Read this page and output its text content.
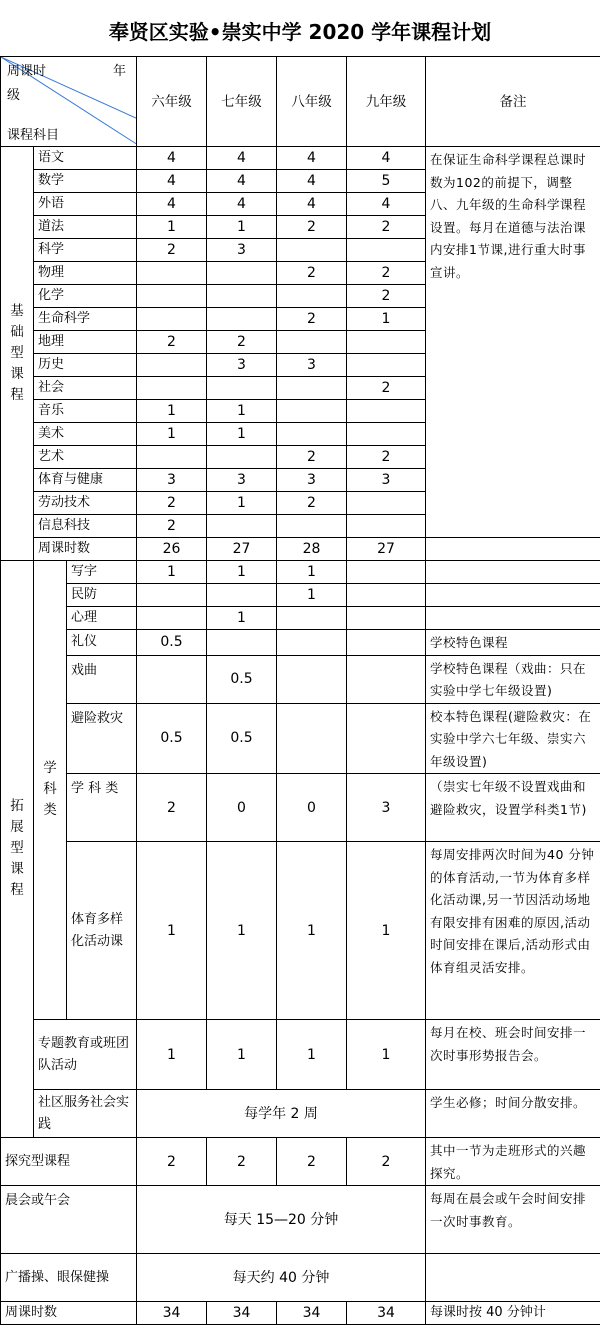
奉贤区实验•崇实中学 2020 学年课程计划
周课时 年
级
课程科目			六年级	七年级	八年级	九年级	备注
基础型课程	语文		4	4	4	4	在保证生命科学课程总课时数为102的前提下，调整八、九年级的生命科学课程设置。每月在道德与法治课内安排1节课,进行重大时事宣讲。
	数学		4	4	4	5	
	外语		4	4	4	4	
	道法		1	1	2	2	
	科学		2	3			
	物理				2	2	
	化学					2	
	生命科学				2	1	
	地理		2	2			
	历史			3	3		
	社会					2	
	音乐		1	1			
	美术		1	1			
	艺术				2	2	
	体育与健康		3	3	3	3	
	劳动技术		2	1	2		
	信息科技		2				
	周课时数		26	27	28	27	
拓展型课程	学科类	写字	1	1	1		
		民防			1		
		心理		1			
		礼仪	0.5				学校特色课程
		戏曲		0.5			学校特色课程（戏曲：只在实验中学七年级设置)
		避险救灾	0.5	0.5			校本特色课程(避险救灾：在实验中学六七年级、崇实六年级设置)
		学 科 类	2	0	0	3	（崇实七年级不设置戏曲和避险救灾，设置学科类1节)
		体育多样化活动课	1	1	1	1	每周安排两次时间为40 分钟的体育活动,一节为体育多样化活动课,另一节因活动场地有限安排有困难的原因,活动时间安排在课后,活动形式由体育组灵活安排。
	专题教育或班团队活动		1	1	1	1	每月在校、班会时间安排一次时事形势报告会。
	社区服务社会实践		每学年 2 周				学生必修；时间分散安排。
探究型课程			2	2	2	2	其中一节为走班形式的兴趣探究。
晨会或午会			每天 15—20 分钟				每周在晨会或午会时间安排一次时事教育。
广播操、眼保健操			每天约 40 分钟				
周课时数			34	34	34	34	每课时按 40 分钟计
